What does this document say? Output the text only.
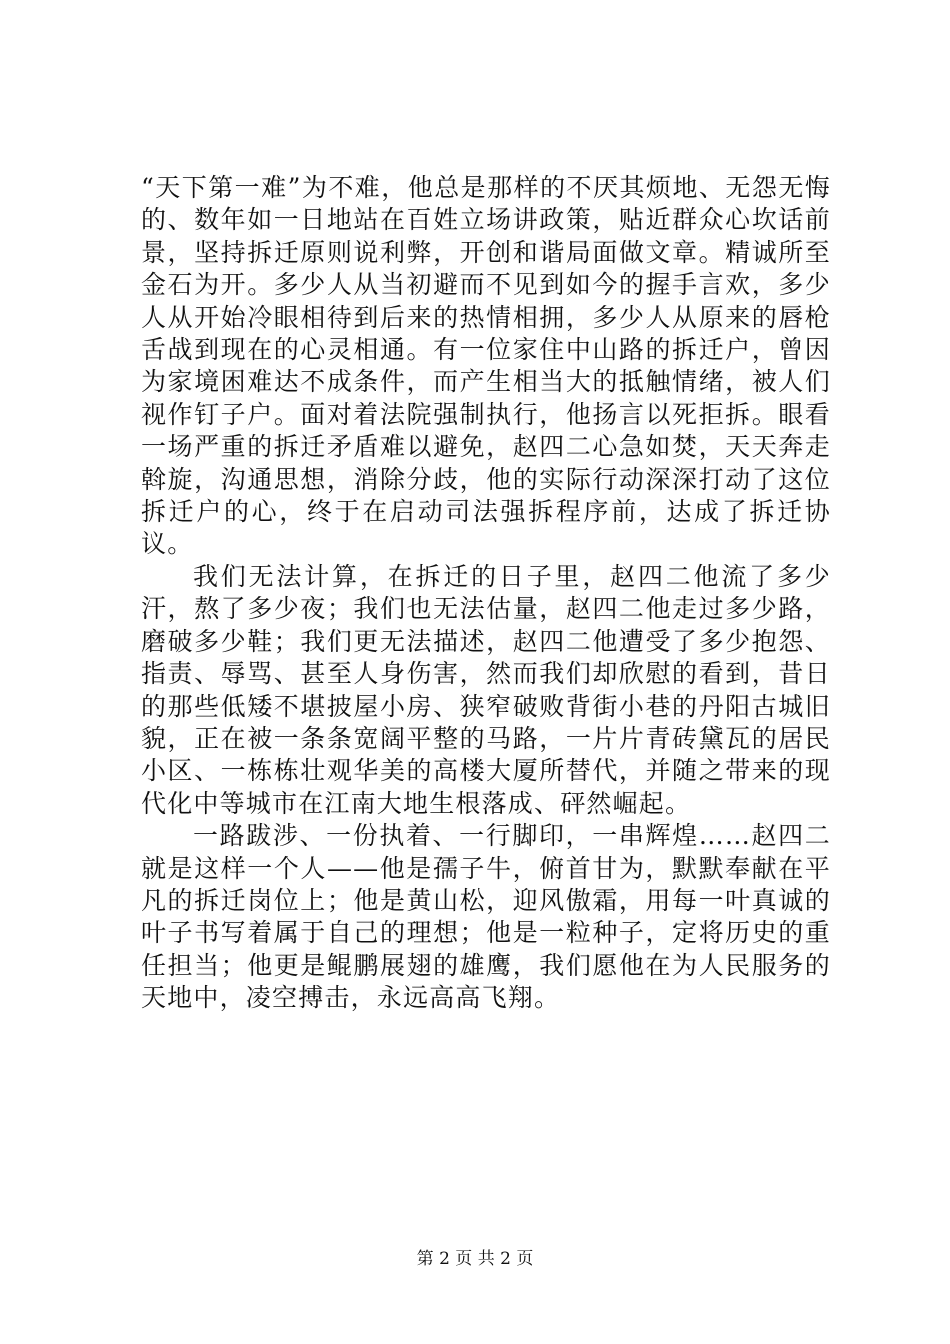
“天下第一难”为不难，他总是那样的不厌其烦地、无怨无悔的、数年如一日地站在百姓立场讲政策，贴近群众心坎话前景，坚持拆迁原则说利弊，开创和谐局面做文章。精诚所至金石为开。多少人从当初避而不见到如今的握手言欢，多少人从开始冷眼相待到后来的热情相拥，多少人从原来的唇枪舌战到现在的心灵相通。有一位家住中山路的拆迁户，曾因为家境困难达不成条件，而产生相当大的抵触情绪，被人们视作钉子户。面对着法院强制执行，他扬言以死拒拆。眼看一场严重的拆迁矛盾难以避免，赵四二心急如焚，天天奔走斡旋，沟通思想，消除分歧，他的实际行动深深打动了这位拆迁户的心，终于在启动司法强拆程序前，达成了拆迁协议。

我们无法计算，在拆迁的日子里，赵四二他流了多少汗，熬了多少夜；我们也无法估量，赵四二他走过多少路，磨破多少鞋；我们更无法描述，赵四二他遭受了多少抱怨、指责、辱骂、甚至人身伤害，然而我们却欣慰的看到，昔日的那些低矮不堪披屋小房、狭窄破败背街小巷的丹阳古城旧貌，正在被一条条宽阔平整的马路，一片片青砖黛瓦的居民小区、一栋栋壮观华美的高楼大厦所替代，并随之带来的现代化中等城市在江南大地生根落成、砰然崛起。

一路跋涉、一份执着、一行脚印，一串辉煌……赵四二就是这样一个人——他是孺子牛，俯首甘为，默默奉献在平凡的拆迁岗位上；他是黄山松，迎风傲霜，用每一叶真诚的叶子书写着属于自己的理想；他是一粒种子，定将历史的重任担当；他更是鲲鹏展翅的雄鹰，我们愿他在为人民服务的天地中，凌空搏击，永远高高飞翔。

第 2 页 共 2 页
